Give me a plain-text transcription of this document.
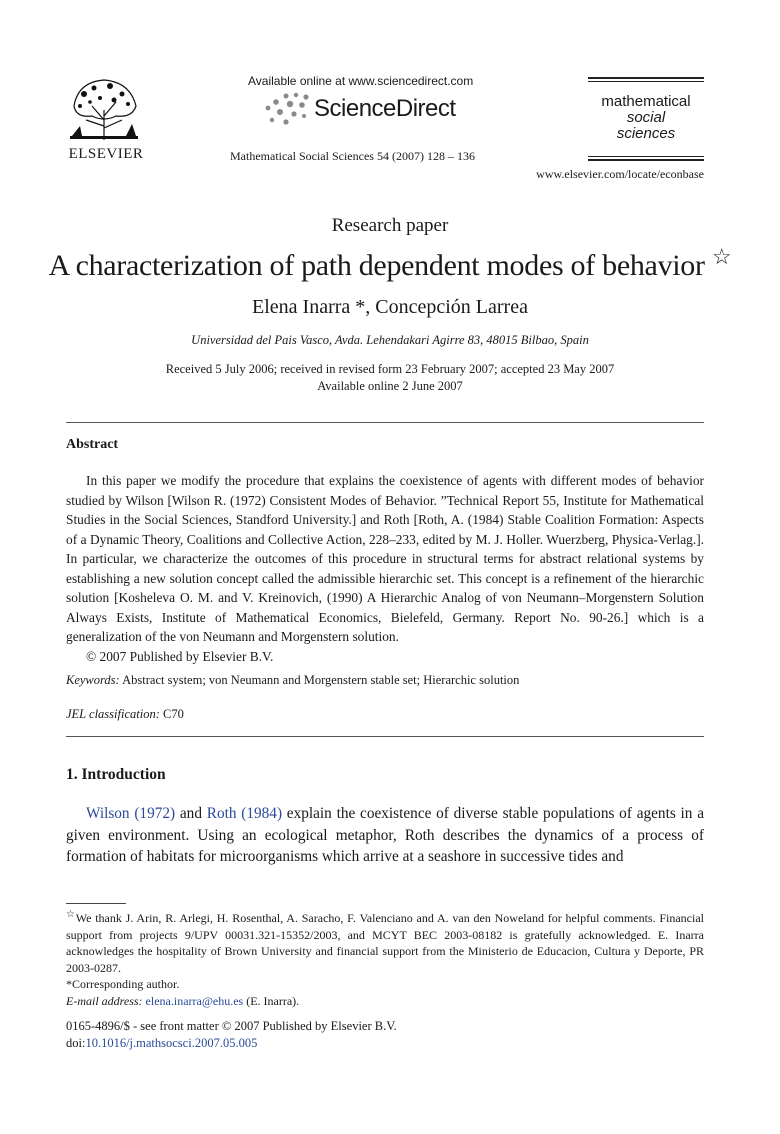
ELSEVIER
Available online at www.sciencedirect.com
ScienceDirect
Mathematical Social Sciences 54 (2007) 128 – 136
mathematical
social
sciences
www.elsevier.com/locate/econbase
Research paper
A characterization of path dependent modes of behavior ☆
Elena Inarra *, Concepción Larrea
Universidad del Pais Vasco, Avda. Lehendakari Agirre 83, 48015 Bilbao, Spain
Received 5 July 2006; received in revised form 23 February 2007; accepted 23 May 2007
Available online 2 June 2007
Abstract

In this paper we modify the procedure that explains the coexistence of agents with different modes of behavior studied by Wilson [Wilson R. (1972) Consistent Modes of Behavior. ”Technical Report 55, Institute for Mathematical Studies in the Social Sciences, Standford University.] and Roth [Roth, A. (1984) Stable Coalition Formation: Aspects of a Dynamic Theory, Coalitions and Collective Action, 228–233, edited by M. J. Holler. Wuerzberg, Physica-Verlag.]. In particular, we characterize the outcomes of this procedure in structural terms for abstract relational systems by establishing a new solution concept called the admissible hierarchic set. This concept is a refinement of the hierarchic solution [Kosheleva O. M. and V. Kreinovich, (1990) A Hierarchic Analog of von Neumann–Morgenstern Solution Always Exists, Institute of Mathematical Economics, Bielefeld, Germany. Report No. 90-26.] which is a generalization of the von Neumann and Morgenstern solution.

© 2007 Published by Elsevier B.V.

Keywords: Abstract system; von Neumann and Morgenstern stable set; Hierarchic solution
JEL classification: C70
1. Introduction

Wilson (1972) and Roth (1984) explain the coexistence of diverse stable populations of agents in a given environment. Using an ecological metaphor, Roth describes the dynamics of a process of formation of habitats for microorganisms which arrive at a seashore in successive tides and

☆We thank J. Arin, R. Arlegi, H. Rosenthal, A. Saracho, F. Valenciano and A. van den Noweland for helpful comments. Financial support from projects 9/UPV 00031.321-15352/2003, and MCYT BEC 2003-08182 is gratefully acknowledged. E. Inarra acknowledges the hospitality of Brown University and financial support from the Ministerio de Educacion, Cultura y Deporte, PR 2003-0287.

*Corresponding author.

E-mail address: elena.inarra@ehu.es (E. Inarra).

0165-4896/$ - see front matter © 2007 Published by Elsevier B.V.
doi:10.1016/j.mathsocsci.2007.05.005
